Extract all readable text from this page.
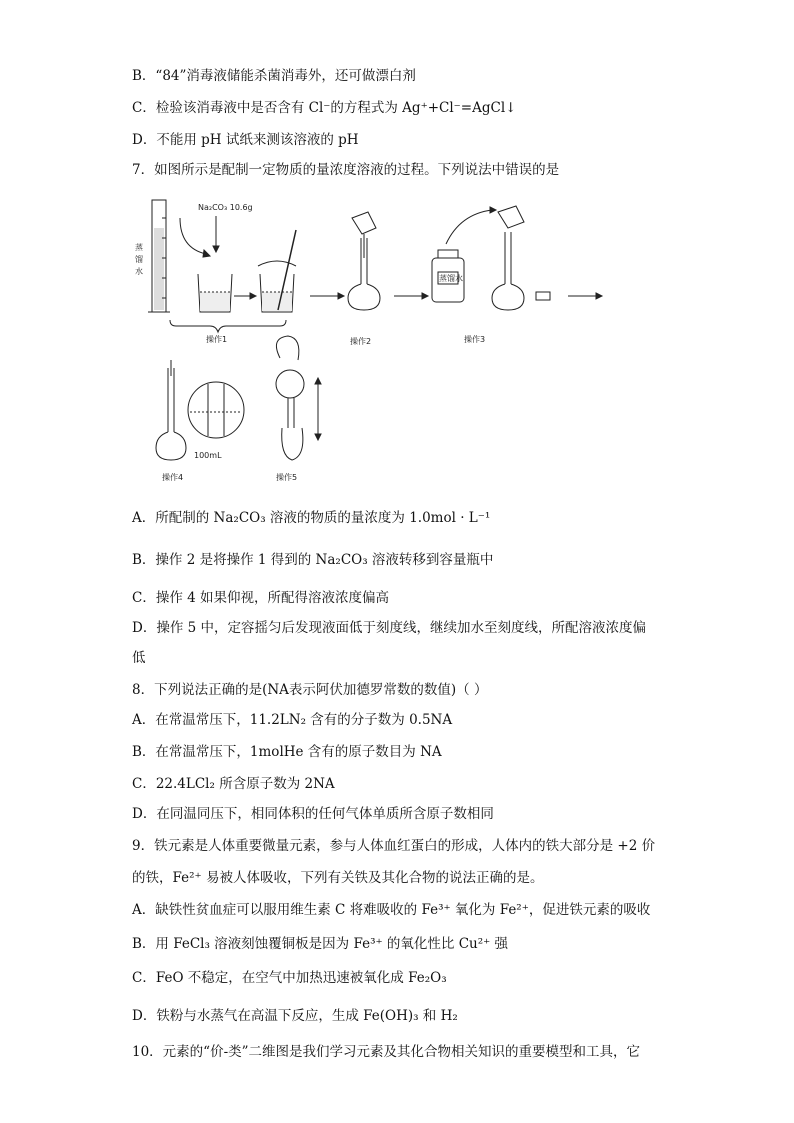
B．“84”消毒液储能杀菌消毒外，还可做漂白剂
C．检验该消毒液中是否含有 Cl⁻的方程式为 Ag⁺+Cl⁻=AgCl↓
D．不能用 pH 试纸来测该溶液的 pH
7．如图所示是配制一定物质的量浓度溶液的过程。下列说法中错误的是
蒸
馏
水
Na₂CO₃ 10.6g
操作1	操作2
蒸馏水
操作3
100mL
操作4	操作5
A．所配制的 Na₂CO₃ 溶液的物质的量浓度为 1.0mol · L⁻¹
B．操作 2 是将操作 1 得到的 Na₂CO₃ 溶液转移到容量瓶中
C．操作 4 如果仰视，所配得溶液浓度偏高
D．操作 5 中，定容摇匀后发现液面低于刻度线，继续加水至刻度线，所配溶液浓度偏
低
8．下列说法正确的是(NA表示阿伏加德罗常数的数值)（ ）
A．在常温常压下，11.2LN₂ 含有的分子数为 0.5NA
B．在常温常压下，1molHe 含有的原子数目为 NA
C．22.4LCl₂ 所含原子数为 2NA
D．在同温同压下，相同体积的任何气体单质所含原子数相同
9．铁元素是人体重要微量元素，参与人体血红蛋白的形成，人体内的铁大部分是 +2 价
的铁，Fe²⁺ 易被人体吸收，下列有关铁及其化合物的说法正确的是。
A．缺铁性贫血症可以服用维生素 C 将难吸收的 Fe³⁺ 氧化为 Fe²⁺，促进铁元素的吸收
B．用 FeCl₃ 溶液刻蚀覆铜板是因为 Fe³⁺ 的氧化性比 Cu²⁺ 强
C．FeO 不稳定，在空气中加热迅速被氧化成 Fe₂O₃
D．铁粉与水蒸气在高温下反应，生成 Fe(OH)₃ 和 H₂
10．元素的“价-类”二维图是我们学习元素及其化合物相关知识的重要模型和工具，它
